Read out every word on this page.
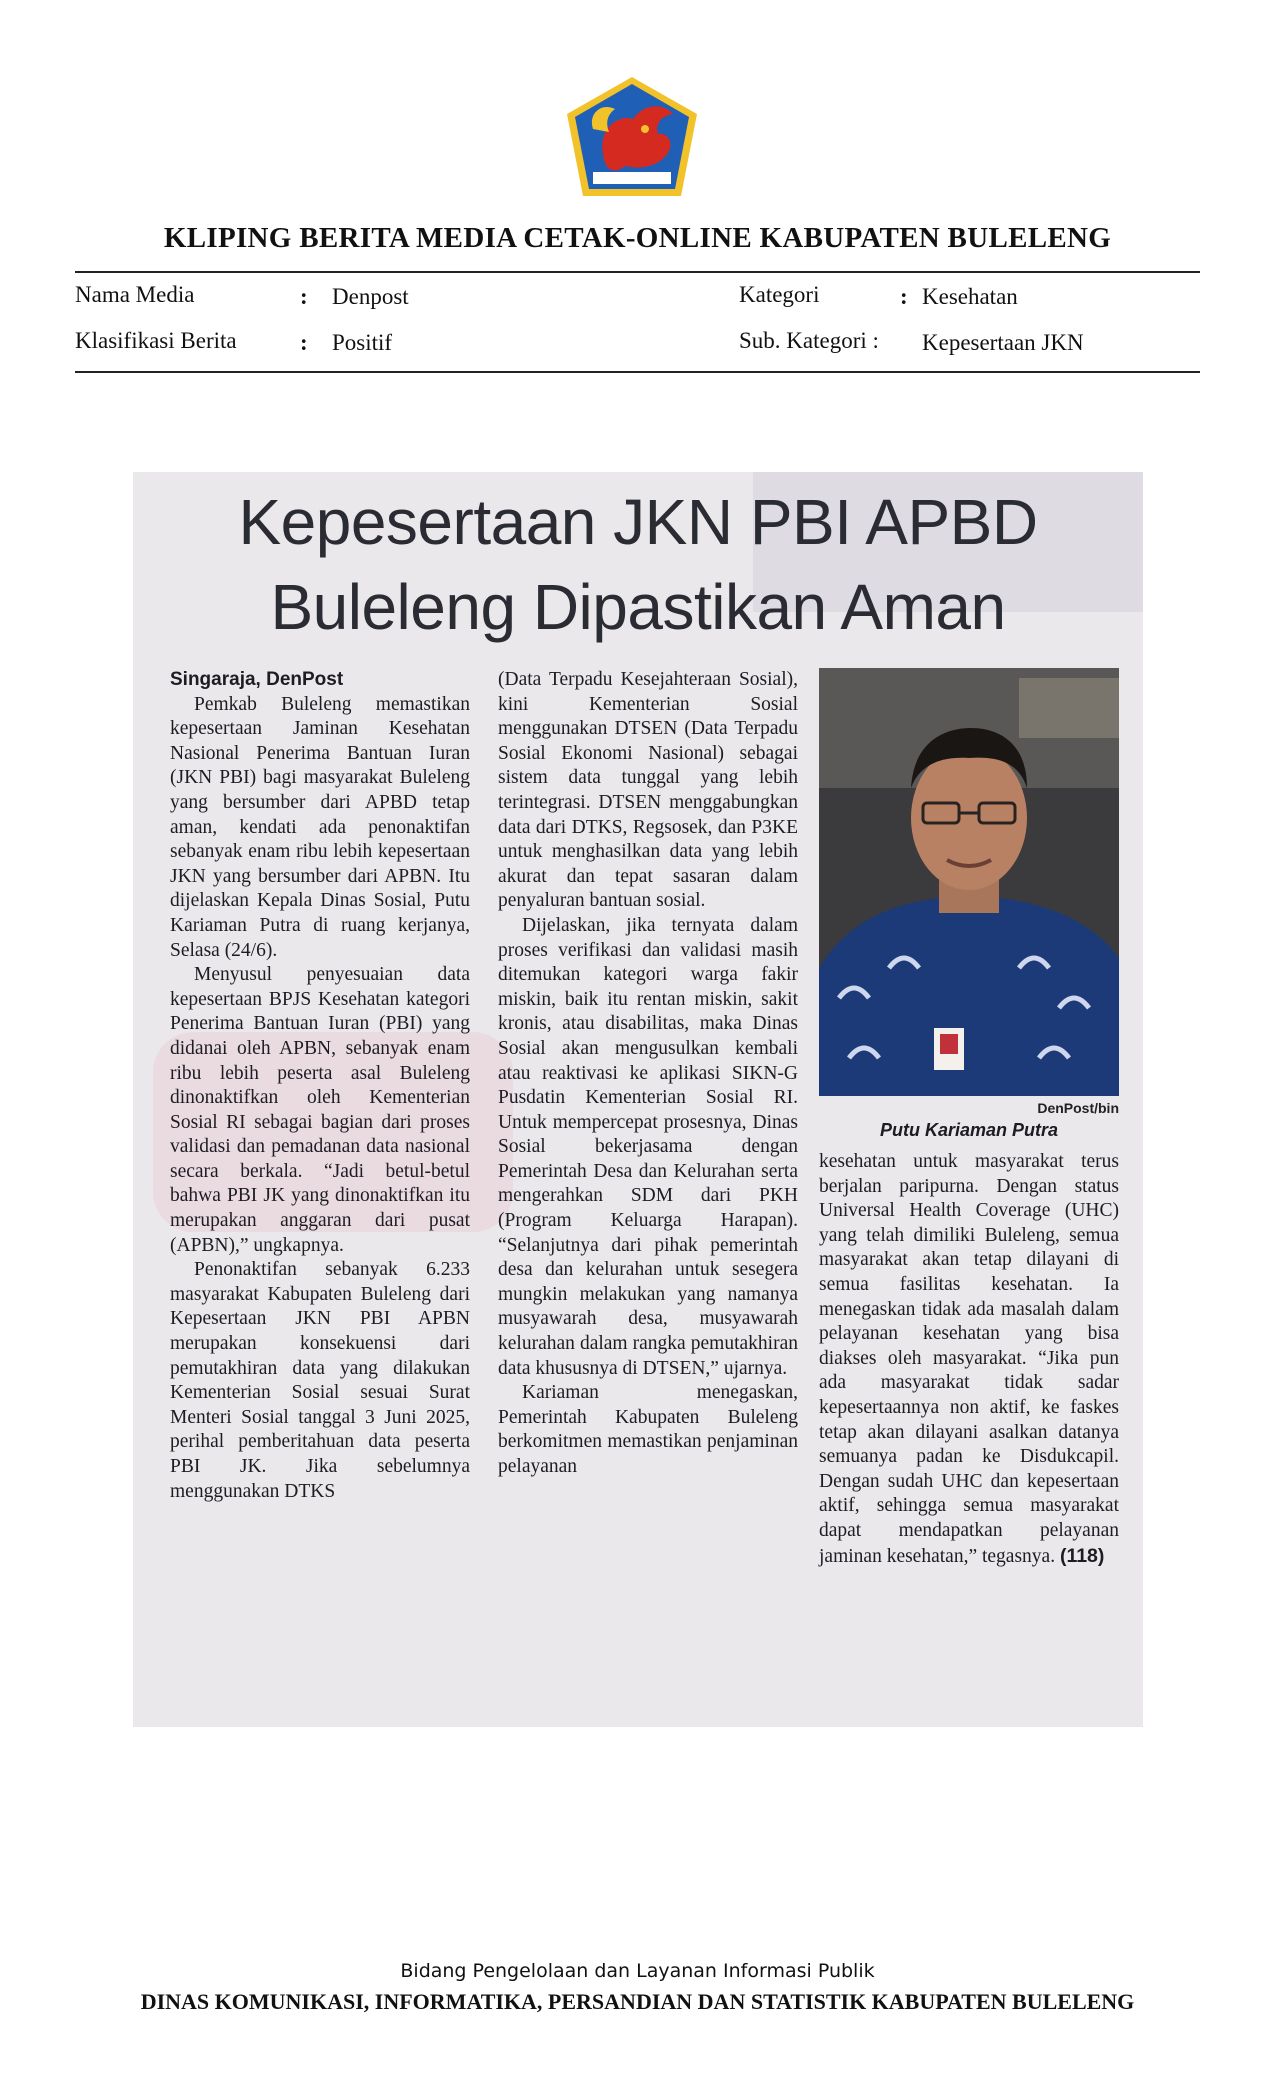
KLIPING BERITA MEDIA CETAK-ONLINE KABUPATEN BULELENG
Nama Media	: Denpost
Klasifikasi Berita	: Positif
Kategori	: Kesehatan
Sub. Kategori : Kepesertaan JKN
Kepesertaan JKN PBI APBD
Buleleng Dipastikan Aman

Singaraja, DenPost

Pemkab Buleleng memastikan kepesertaan Jaminan Kesehatan Nasional Penerima Bantuan Iuran (JKN PBI) bagi masyarakat Buleleng yang bersumber dari APBD tetap aman, kendati ada penonaktifan sebanyak enam ribu lebih kepesertaan JKN yang bersumber dari APBN. Itu dijelaskan Kepala Dinas Sosial, Putu Kariaman Putra di ruang kerjanya, Selasa (24/6).

Menyusul penyesuaian data kepesertaan BPJS Kesehatan kategori Penerima Bantuan Iuran (PBI) yang didanai oleh APBN, sebanyak enam ribu lebih peserta asal Buleleng dinonaktifkan oleh Kementerian Sosial RI sebagai bagian dari proses validasi dan pemadanan data nasional secara berkala. “Jadi betul-betul bahwa PBI JK yang dinonaktifkan itu merupakan anggaran dari pusat (APBN),” ungkapnya.

Penonaktifan sebanyak 6.233 masyarakat Kabupaten Buleleng dari Kepesertaan JKN PBI APBN merupakan konsekuensi dari pemutakhiran data yang dilakukan Kementerian Sosial sesuai Surat Menteri Sosial tanggal 3 Juni 2025, perihal pemberitahuan data peserta PBI JK. Jika sebelumnya menggunakan DTKS

(Data Terpadu Kesejahteraan Sosial), kini Kementerian Sosial menggunakan DTSEN (Data Terpadu Sosial Ekonomi Nasional) sebagai sistem data tunggal yang lebih terintegrasi. DTSEN menggabungkan data dari DTKS, Regsosek, dan P3KE untuk menghasilkan data yang lebih akurat dan tepat sasaran dalam penyaluran bantuan sosial.

Dijelaskan, jika ternyata dalam proses verifikasi dan validasi masih ditemukan kategori warga fakir miskin, baik itu rentan miskin, sakit kronis, atau disabilitas, maka Dinas Sosial akan mengusulkan kembali atau reaktivasi ke aplikasi SIKN-G Pusdatin Kementerian Sosial RI. Untuk mempercepat prosesnya, Dinas Sosial bekerjasama dengan Pemerintah Desa dan Kelurahan serta mengerahkan SDM dari PKH (Program Keluarga Harapan). “Selanjutnya dari pihak pemerintah desa dan kelurahan untuk sesegera mungkin melakukan yang namanya musyawarah desa, musyawarah kelurahan dalam rangka pemutakhiran data khususnya di DTSEN,” ujarnya.

Kariaman menegaskan, Pemerintah Kabupaten Buleleng berkomitmen memastikan penjaminan pelayanan

DenPost/bin
Putu Kariaman Putra

kesehatan untuk masyarakat terus berjalan paripurna. Dengan status Universal Health Coverage (UHC) yang telah dimiliki Buleleng, semua masyarakat akan tetap dilayani di semua fasilitas kesehatan. Ia menegaskan tidak ada masalah dalam pelayanan kesehatan yang bisa diakses oleh masyarakat. “Jika pun ada masyarakat tidak sadar kepesertaannya non aktif, ke faskes tetap akan dilayani asalkan datanya semuanya padan ke Disdukcapil. Dengan sudah UHC dan kepesertaan aktif, sehingga semua masyarakat dapat mendapatkan pelayanan jaminan kesehatan,” tegasnya. (118)

Bidang Pengelolaan dan Layanan Informasi Publik
DINAS KOMUNIKASI, INFORMATIKA, PERSANDIAN DAN STATISTIK KABUPATEN BULELENG
